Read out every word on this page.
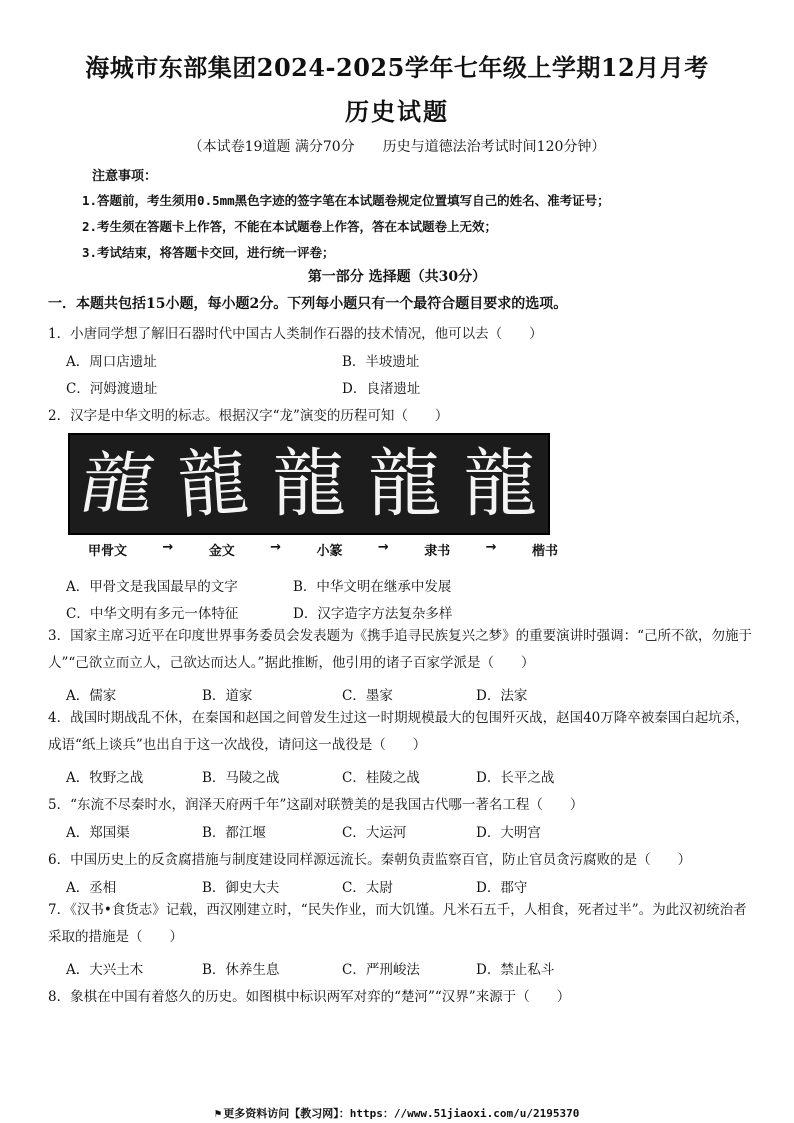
海城市东部集团2024-2025学年七年级上学期12月月考
历史试题
（本试卷19道题 满分70分 历史与道德法治考试时间120分钟）
注意事项：
1.答题前，考生须用0.5mm黑色字迹的签字笔在本试题卷规定位置填写自己的姓名、准考证号；
2.考生须在答题卡上作答，不能在本试题卷上作答，答在本试题卷上无效；
3.考试结束，将答题卡交回，进行统一评卷；
第一部分 选择题（共30分）
一．本题共包括15小题，每小题2分。下列每小题只有一个最符合题目要求的选项。
1．小唐同学想了解旧石器时代中国古人类制作石器的技术情况，他可以去（　　）
A．周口店遗址	B．半坡遗址
C．河姆渡遗址	D．良渚遗址
2．汉字是中华文明的标志。根据汉字“龙”演变的历程可知（　　）
龍 龍 龍 龍 龍
甲骨文	→	金文	→	小篆	→	隶书	→	楷书
A．甲骨文是我国最早的文字	B．中华文明在继承中发展
C．中华文明有多元一体特征	D．汉字造字方法复杂多样
3．国家主席习近平在印度世界事务委员会发表题为《携手追寻民族复兴之梦》的重要演讲时强调：“己所不欲，勿施于人”“己欲立而立人，己欲达而达人。”据此推断，他引用的诸子百家学派是（　　）
A．儒家	B．道家	C．墨家	D．法家
4．战国时期战乱不休，在秦国和赵国之间曾发生过这一时期规模最大的包围歼灭战，赵国40万降卒被秦国白起坑杀，成语“纸上谈兵”也出自于这一次战役，请问这一战役是（　　）
A．牧野之战	B．马陵之战	C．桂陵之战	D．长平之战
5．“东流不尽秦时水，润泽天府两千年”这副对联赞美的是我国古代哪一著名工程（　　）
A．郑国渠	B．都江堰	C．大运河	D．大明宫
6．中国历史上的反贪腐措施与制度建设同样源远流长。秦朝负责监察百官，防止官员贪污腐败的是（　　）
A．丞相	B．御史大夫	C．太尉	D．郡守
7．《汉书•食货志》记载，西汉刚建立时，“民失作业，而大饥馑。凡米石五千，人相食，死者过半”。为此汉初统治者采取的措施是（　　）
A．大兴土木	B．休养生息	C．严刑峻法	D．禁止私斗
8．象棋在中国有着悠久的历史。如图棋中标识两军对弈的“楚河”“汉界”来源于（　　）
⚑ 更多资料访问【教习网】：https：//www.51jiaoxi.com/u/2195370
